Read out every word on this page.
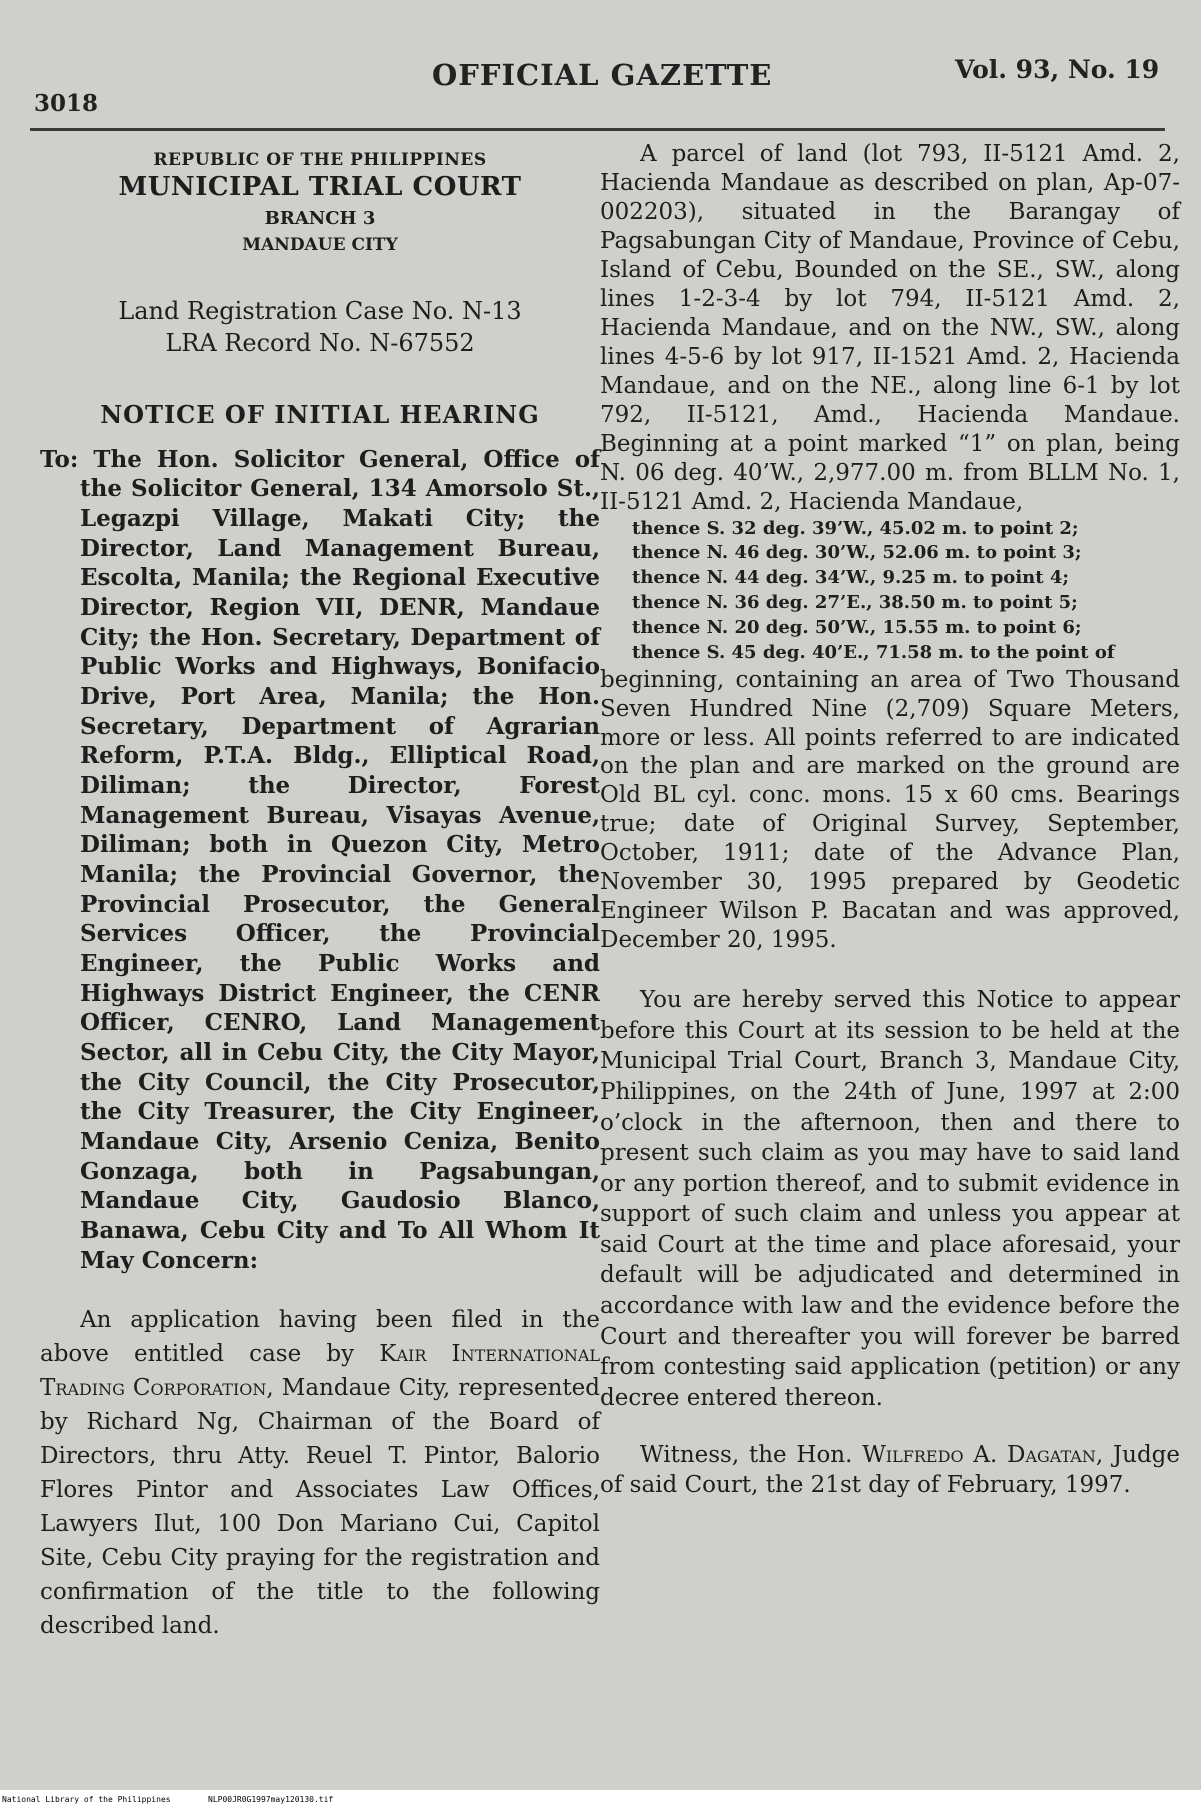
3018
OFFICIAL GAZETTE	Vol. 93, No. 19
REPUBLIC OF THE PHILIPPINES
MUNICIPAL TRIAL COURT
BRANCH 3
MANDAUE CITY
Land Registration Case No. N-13
LRA Record No. N-67552
NOTICE OF INITIAL HEARING
To: The Hon. Solicitor General, Office of the Solicitor General, 134 Amorsolo St., Legazpi Village, Makati City; the Director, Land Management Bureau, Escolta, Manila; the Regional Executive Director, Region VII, DENR, Mandaue City; the Hon. Secretary, Department of Public Works and Highways, Bonifacio Drive, Port Area, Manila; the Hon. Secretary, Department of Agrarian Reform, P.T.A. Bldg., Elliptical Road, Diliman; the Director, Forest Management Bureau, Visayas Avenue, Diliman; both in Quezon City, Metro Manila; the Provincial Governor, the Provincial Prosecutor, the General Services Officer, the Provincial Engineer, the Public Works and Highways District Engineer, the CENR Officer, CENRO, Land Management Sector, all in Cebu City, the City Mayor, the City Council, the City Prosecutor, the City Treasurer, the City Engineer, Mandaue City, Arsenio Ceniza, Benito Gonzaga, both in Pagsabungan, Mandaue City, Gaudosio Blanco, Banawa, Cebu City and To All Whom It May Concern:

An application having been filed in the above entitled case by Kair International Trading Corporation, Mandaue City, represented by Richard Ng, Chairman of the Board of Directors, thru Atty. Reuel T. Pintor, Balorio Flores Pintor and Associates Law Offices, Lawyers Ilut, 100 Don Mariano Cui, Capitol Site, Cebu City praying for the registration and confirmation of the title to the following described land.

A parcel of land (lot 793, II-5121 Amd. 2, Hacienda Mandaue as described on plan, Ap-07-002203), situated in the Barangay of Pagsabungan City of Mandaue, Province of Cebu, Island of Cebu, Bounded on the SE., SW., along lines 1-2-3-4 by lot 794, II-5121 Amd. 2, Hacienda Mandaue, and on the NW., SW., along lines 4-5-6 by lot 917, II-1521 Amd. 2, Hacienda Mandaue, and on the NE., along line 6-1 by lot 792, II-5121, Amd., Hacienda Mandaue. Beginning at a point marked “1” on plan, being N. 06 deg. 40’W., 2,977.00 m. from BLLM No. 1, II-5121 Amd. 2, Hacienda Mandaue,

thence S. 32 deg. 39’W., 45.02 m. to point 2;
thence N. 46 deg. 30’W., 52.06 m. to point 3;
thence N. 44 deg. 34’W., 9.25 m. to point 4;
thence N. 36 deg. 27’E., 38.50 m. to point 5;
thence N. 20 deg. 50’W., 15.55 m. to point 6;
thence S. 45 deg. 40’E., 71.58 m. to the point of

beginning, containing an area of Two Thousand Seven Hundred Nine (2,709) Square Meters, more or less. All points referred to are indicated on the plan and are marked on the ground are Old BL cyl. conc. mons. 15 x 60 cms. Bearings true; date of Original Survey, September, October, 1911; date of the Advance Plan, November 30, 1995 prepared by Geodetic Engineer Wilson P. Bacatan and was approved, December 20, 1995.

You are hereby served this Notice to appear before this Court at its session to be held at the Municipal Trial Court, Branch 3, Mandaue City, Philippines, on the 24th of June, 1997 at 2:00 o’clock in the afternoon, then and there to present such claim as you may have to said land or any portion thereof, and to submit evidence in support of such claim and unless you appear at said Court at the time and place aforesaid, your default will be adjudicated and determined in accordance with law and the evidence before the Court and thereafter you will forever be barred from contesting said application (petition) or any decree entered thereon.

Witness, the Hon. Wilfredo A. Dagatan, Judge of said Court, the 21st day of February, 1997.

National Library of the Philippines	NLP00JR0G1997may120130.tif
